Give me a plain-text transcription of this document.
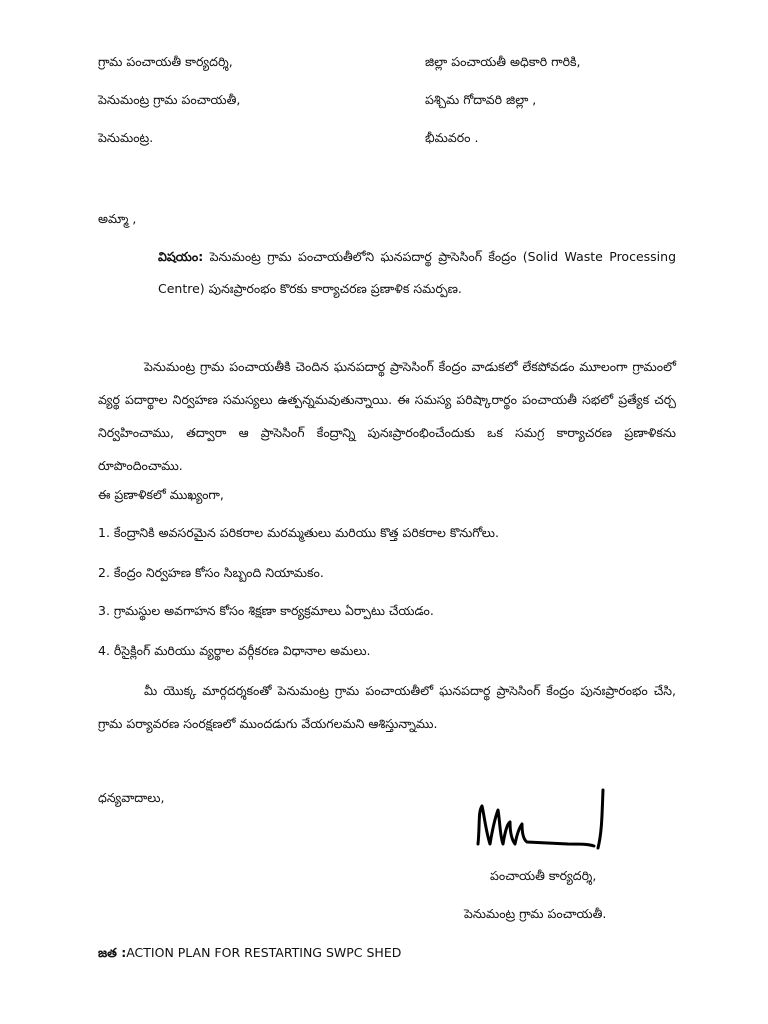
గ్రామ పంచాయతీ కార్యదర్శి,
పెనుమంట్ర గ్రామ పంచాయతీ,
పెనుమంట్ర.
జిల్లా పంచాయతీ అధికారి గారికి,
పశ్చిమ గోదావరి జిల్లా ,
భీమవరం .
అమ్మా ,
విషయం: పెనుమంట్ర గ్రామ పంచాయతీలోని ఘనపదార్థ ప్రాసెసింగ్ కేంద్రం (Solid Waste Processing Centre) పునఃప్రారంభం కొరకు కార్యాచరణ ప్రణాళిక సమర్పణ.
పెనుమంట్ర గ్రామ పంచాయతీకి చెందిన ఘనపదార్థ ప్రాసెసింగ్ కేంద్రం వాడుకలో లేకపోవడం మూలంగా గ్రామంలో వ్యర్థ పదార్థాల నిర్వహణ సమస్యలు ఉత్పన్నమవుతున్నాయి. ఈ సమస్య పరిష్కారార్థం పంచాయతీ సభలో ప్రత్యేక చర్చ నిర్వహించాము, తద్వారా ఆ ప్రాసెసింగ్ కేంద్రాన్ని పునఃప్రారంభించేందుకు ఒక సమగ్ర కార్యాచరణ ప్రణాళికను రూపొందించాము.
ఈ ప్రణాళికలో ముఖ్యంగా,
1. కేంద్రానికి అవసరమైన పరికరాల మరమ్మతులు మరియు కొత్త పరికరాల కొనుగోలు.
2. కేంద్రం నిర్వహణ కోసం సిబ్బంది నియామకం.
3. గ్రామస్థుల అవగాహన కోసం శిక్షణా కార్యక్రమాలు ఏర్పాటు చేయడం.
4. రీసైక్లింగ్ మరియు వ్యర్థాల వర్గీకరణ విధానాల అమలు.
మీ యొక్క మార్గదర్శకంతో పెనుమంట్ర గ్రామ పంచాయతీలో ఘనపదార్థ ప్రాసెసింగ్ కేంద్రం పునఃప్రారంభం చేసి, గ్రామ పర్యావరణ సంరక్షణలో ముందడుగు వేయగలమని ఆశిస్తున్నాము.
ధన్యవాదాలు,
పంచాయతీ కార్యదర్శి,
పెనుమంట్ర గ్రామ పంచాయతీ.
జత :ACTION PLAN FOR RESTARTING SWPC SHED
